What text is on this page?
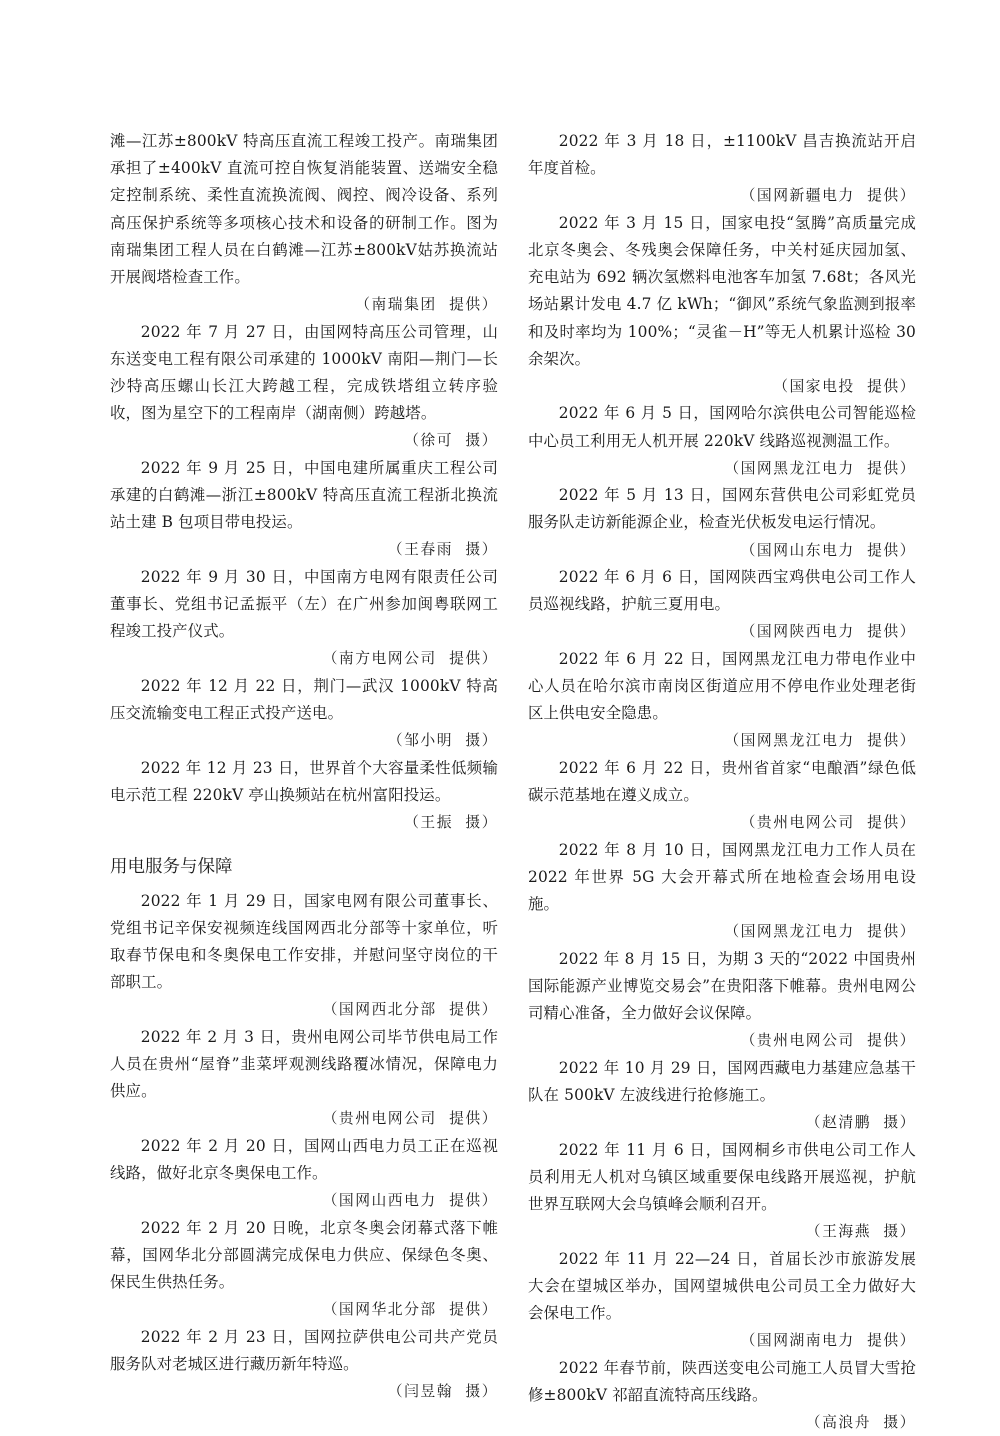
滩—江苏±800kV 特高压直流工程竣工投产。南瑞集团承担了±400kV 直流可控自恢复消能装置、送端安全稳定控制系统、柔性直流换流阀、阀控、阀冷设备、系列高压保护系统等多项核心技术和设备的研制工作。图为南瑞集团工程人员在白鹤滩—江苏±800kV姑苏换流站开展阀塔检查工作。

（南瑞集团  提供）

2022 年 7 月 27 日，由国网特高压公司管理，山东送变电工程有限公司承建的 1000kV 南阳—荆门—长沙特高压螺山长江大跨越工程，完成铁塔组立转序验收，图为星空下的工程南岸（湖南侧）跨越塔。

（徐可  摄）

2022 年 9 月 25 日，中国电建所属重庆工程公司承建的白鹤滩—浙江±800kV 特高压直流工程浙北换流站土建 B 包项目带电投运。

（王春雨  摄）

2022 年 9 月 30 日，中国南方电网有限责任公司董事长、党组书记孟振平（左）在广州参加闽粤联网工程竣工投产仪式。

（南方电网公司  提供）

2022 年 12 月 22 日，荆门—武汉 1000kV 特高压交流输变电工程正式投产送电。

（邹小明  摄）

2022 年 12 月 23 日，世界首个大容量柔性低频输电示范工程 220kV 亭山换频站在杭州富阳投运。

（王振  摄）

用电服务与保障

2022 年 1 月 29 日，国家电网有限公司董事长、党组书记辛保安视频连线国网西北分部等十家单位，听取春节保电和冬奥保电工作安排，并慰问坚守岗位的干部职工。

（国网西北分部  提供）

2022 年 2 月 3 日，贵州电网公司毕节供电局工作人员在贵州“屋脊”韭菜坪观测线路覆冰情况，保障电力供应。

（贵州电网公司  提供）

2022 年 2 月 20 日，国网山西电力员工正在巡视线路，做好北京冬奥保电工作。

（国网山西电力  提供）

2022 年 2 月 20 日晚，北京冬奥会闭幕式落下帷幕，国网华北分部圆满完成保电力供应、保绿色冬奥、保民生供热任务。

（国网华北分部  提供）

2022 年 2 月 23 日，国网拉萨供电公司共产党员服务队对老城区进行藏历新年特巡。

（闫昱翰  摄）

2022 年 3 月 18 日，±1100kV 昌吉换流站开启年度首检。

（国网新疆电力  提供）

2022 年 3 月 15 日，国家电投“氢腾”高质量完成北京冬奥会、冬残奥会保障任务，中关村延庆园加氢、充电站为 692 辆次氢燃料电池客车加氢 7.68t；各风光场站累计发电 4.7 亿 kWh；“御风”系统气象监测到报率和及时率均为 100%；“灵雀－H”等无人机累计巡检 30 余架次。

（国家电投  提供）

2022 年 6 月 5 日，国网哈尔滨供电公司智能巡检中心员工利用无人机开展 220kV 线路巡视测温工作。

（国网黑龙江电力  提供）

2022 年 5 月 13 日，国网东营供电公司彩虹党员服务队走访新能源企业，检查光伏板发电运行情况。

（国网山东电力  提供）

2022 年 6 月 6 日，国网陕西宝鸡供电公司工作人员巡视线路，护航三夏用电。

（国网陕西电力  提供）

2022 年 6 月 22 日，国网黑龙江电力带电作业中心人员在哈尔滨市南岗区街道应用不停电作业处理老街区上供电安全隐患。

（国网黑龙江电力  提供）

2022 年 6 月 22 日，贵州省首家“电酿酒”绿色低碳示范基地在遵义成立。

（贵州电网公司  提供）

2022 年 8 月 10 日，国网黑龙江电力工作人员在 2022 年世界 5G 大会开幕式所在地检查会场用电设施。

（国网黑龙江电力  提供）

2022 年 8 月 15 日，为期 3 天的“2022 中国贵州国际能源产业博览交易会”在贵阳落下帷幕。贵州电网公司精心准备，全力做好会议保障。

（贵州电网公司  提供）

2022 年 10 月 29 日，国网西藏电力基建应急基干队在 500kV 左波线进行抢修施工。

（赵清鹏  摄）

2022 年 11 月 6 日，国网桐乡市供电公司工作人员利用无人机对乌镇区域重要保电线路开展巡视，护航世界互联网大会乌镇峰会顺利召开。

（王海燕  摄）

2022 年 11 月 22—24 日，首届长沙市旅游发展大会在望城区举办，国网望城供电公司员工全力做好大会保电工作。

（国网湖南电力  提供）

2022 年春节前，陕西送变电公司施工人员冒大雪抢修±800kV 祁韶直流特高压线路。

（高浪舟  摄）
